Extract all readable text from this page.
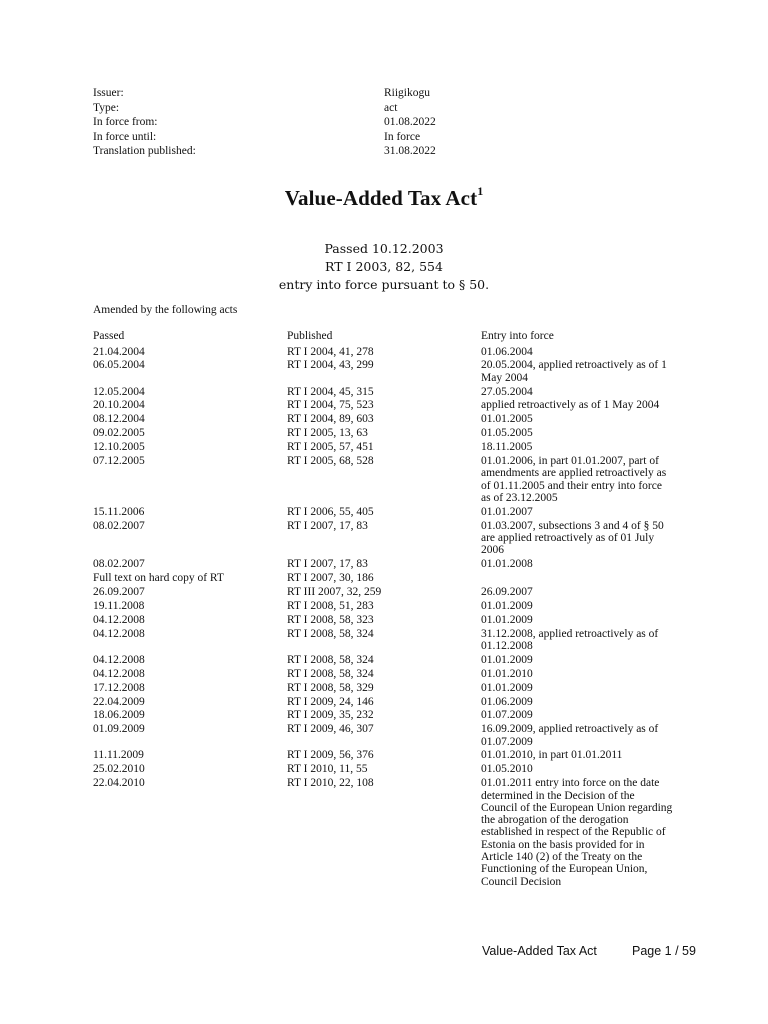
Issuer:	Riigikogu
Type:	act
In force from:	01.08.2022
In force until:	In force
Translation published:	31.08.2022
Value-Added Tax Act$^1$
Passed 10.12.2003
RT I 2003, 82, 554
entry into force pursuant to § 50.
Amended by the following acts
Passed	Published	Entry into force
21.04.2004	RT I 2004, 41, 278	01.06.2004
06.05.2004	RT I 2004, 43, 299	20.05.2004, applied retroactively as of 1 May 2004
12.05.2004	RT I 2004, 45, 315	27.05.2004
20.10.2004	RT I 2004, 75, 523	applied retroactively as of 1 May 2004
08.12.2004	RT I 2004, 89, 603	01.01.2005
09.02.2005	RT I 2005, 13, 63	01.05.2005
12.10.2005	RT I 2005, 57, 451	18.11.2005
07.12.2005	RT I 2005, 68, 528	01.01.2006, in part 01.01.2007, part of amendments are applied retroactively as of 01.11.2005 and their entry into force as of 23.12.2005
15.11.2006	RT I 2006, 55, 405	01.01.2007
08.02.2007	RT I 2007, 17, 83	01.03.2007, subsections 3 and 4 of § 50 are applied retroactively as of 01 July 2006
08.02.2007	RT I 2007, 17, 83	01.01.2008
Full text on hard copy of RT	RT I 2007, 30, 186
26.09.2007	RT III 2007, 32, 259	26.09.2007
19.11.2008	RT I 2008, 51, 283	01.01.2009
04.12.2008	RT I 2008, 58, 323	01.01.2009
04.12.2008	RT I 2008, 58, 324	31.12.2008, applied retroactively as of 01.12.2008
04.12.2008	RT I 2008, 58, 324	01.01.2009
04.12.2008	RT I 2008, 58, 324	01.01.2010
17.12.2008	RT I 2008, 58, 329	01.01.2009
22.04.2009	RT I 2009, 24, 146	01.06.2009
18.06.2009	RT I 2009, 35, 232	01.07.2009
01.09.2009	RT I 2009, 46, 307	16.09.2009, applied retroactively as of 01.07.2009
11.11.2009	RT I 2009, 56, 376	01.01.2010, in part 01.01.2011
25.02.2010	RT I 2010, 11, 55	01.05.2010
22.04.2010	RT I 2010, 22, 108	01.01.2011 entry into force on the date determined in the Decision of the Council of the European Union regarding the abrogation of the derogation established in respect of the Republic of Estonia on the basis provided for in Article 140 (2) of the Treaty on the Functioning of the European Union, Council Decision
Value-Added Tax Act	Page 1 / 59
